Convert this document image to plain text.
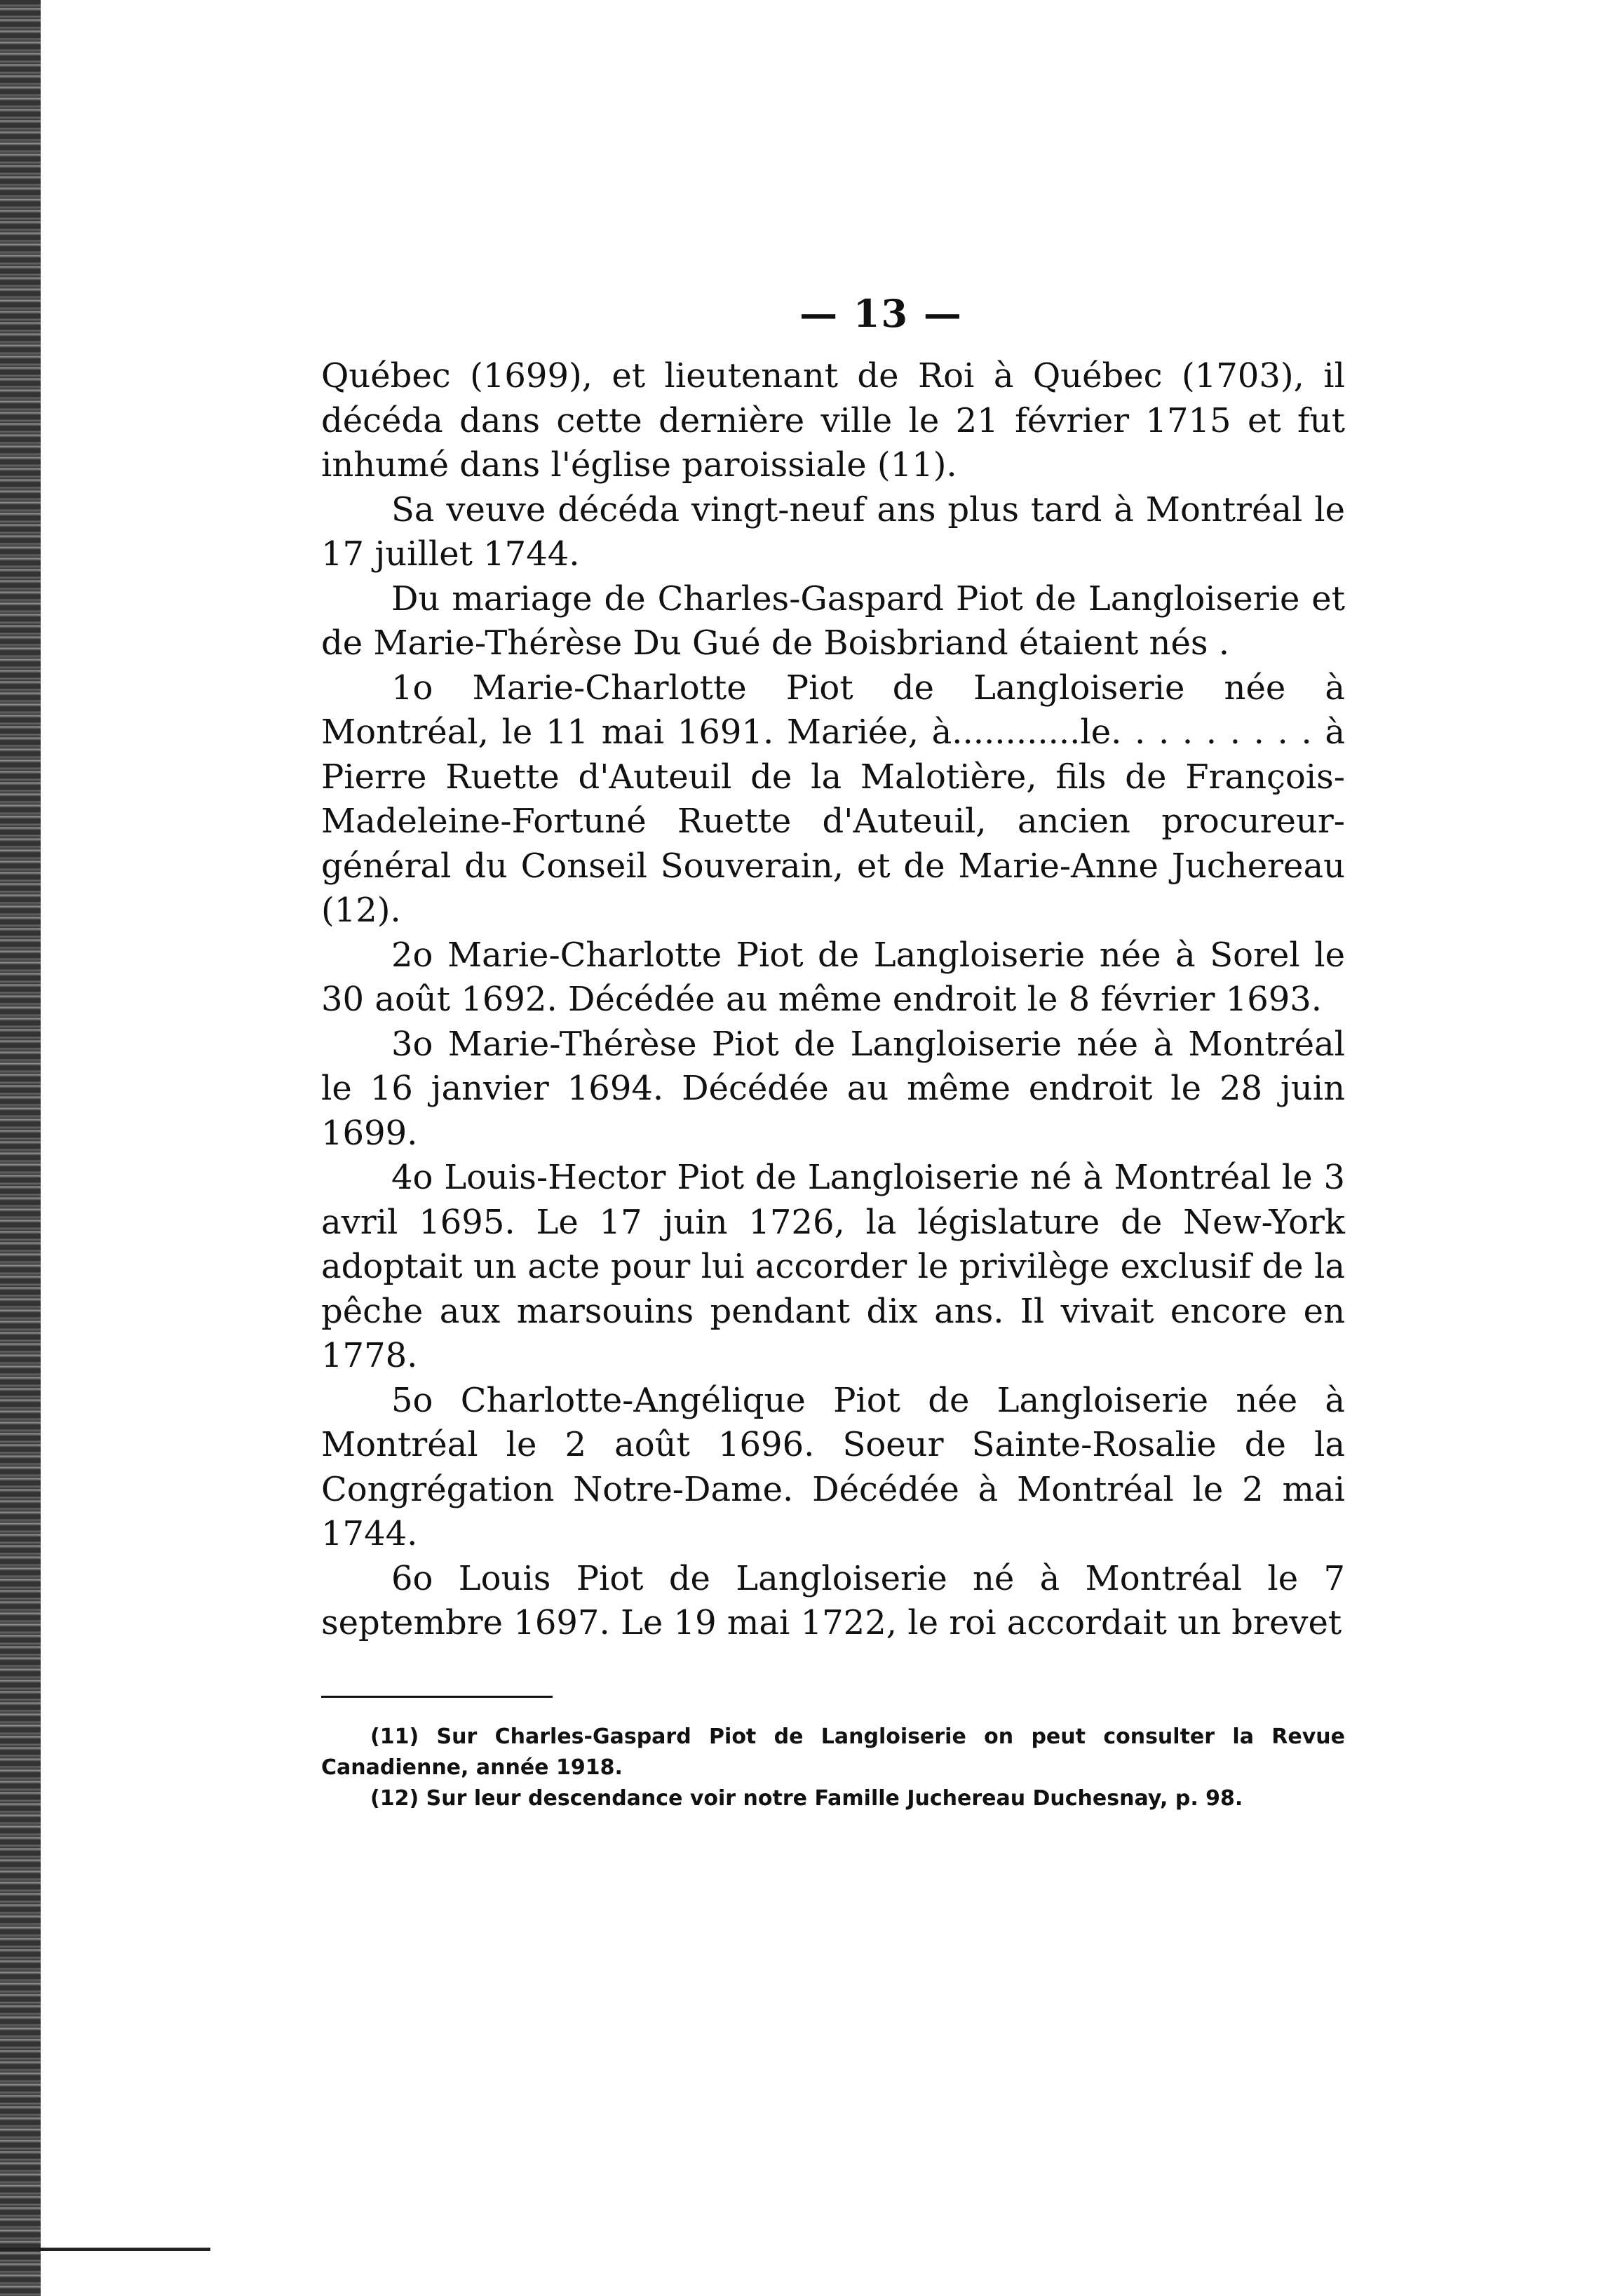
— 13 —

Québec (1699), et lieutenant de Roi à Québec (1703), il décéda dans cette dernière ville le 21 février 1715 et fut inhumé dans l'église paroissiale (11).

Sa veuve décéda vingt-neuf ans plus tard à Montréal le 17 juillet 1744.

Du mariage de Charles-Gaspard Piot de Langloiserie et de Marie-Thérèse Du Gué de Boisbriand étaient nés .

1o Marie-Charlotte Piot de Langloiserie née à Montréal, le 11 mai 1691. Mariée, à............le. . . . . . . . . à Pierre Ruette d'Auteuil de la Malotière, fils de François-Madeleine-Fortuné Ruette d'Auteuil, ancien procureur-général du Conseil Souverain, et de Marie-Anne Juchereau (12).

2o Marie-Charlotte Piot de Langloiserie née à Sorel le 30 août 1692. Décédée au même endroit le 8 février 1693.

3o Marie-Thérèse Piot de Langloiserie née à Montréal le 16 janvier 1694. Décédée au même endroit le 28 juin 1699.

4o Louis-Hector Piot de Langloiserie né à Montréal le 3 avril 1695. Le 17 juin 1726, la législature de New-York adoptait un acte pour lui accorder le privilège exclusif de la pêche aux marsouins pendant dix ans. Il vivait encore en 1778.

5o Charlotte-Angélique Piot de Langloiserie née à Montréal le 2 août 1696. Soeur Sainte-Rosalie de la Congrégation Notre-Dame. Décédée à Montréal le 2 mai 1744.

6o Louis Piot de Langloiserie né à Montréal le 7 septembre 1697. Le 19 mai 1722, le roi accordait un brevet

(11) Sur Charles-Gaspard Piot de Langloiserie on peut consulter la Revue Canadienne, année 1918.

(12) Sur leur descendance voir notre Famille Juchereau Duchesnay, p. 98.
